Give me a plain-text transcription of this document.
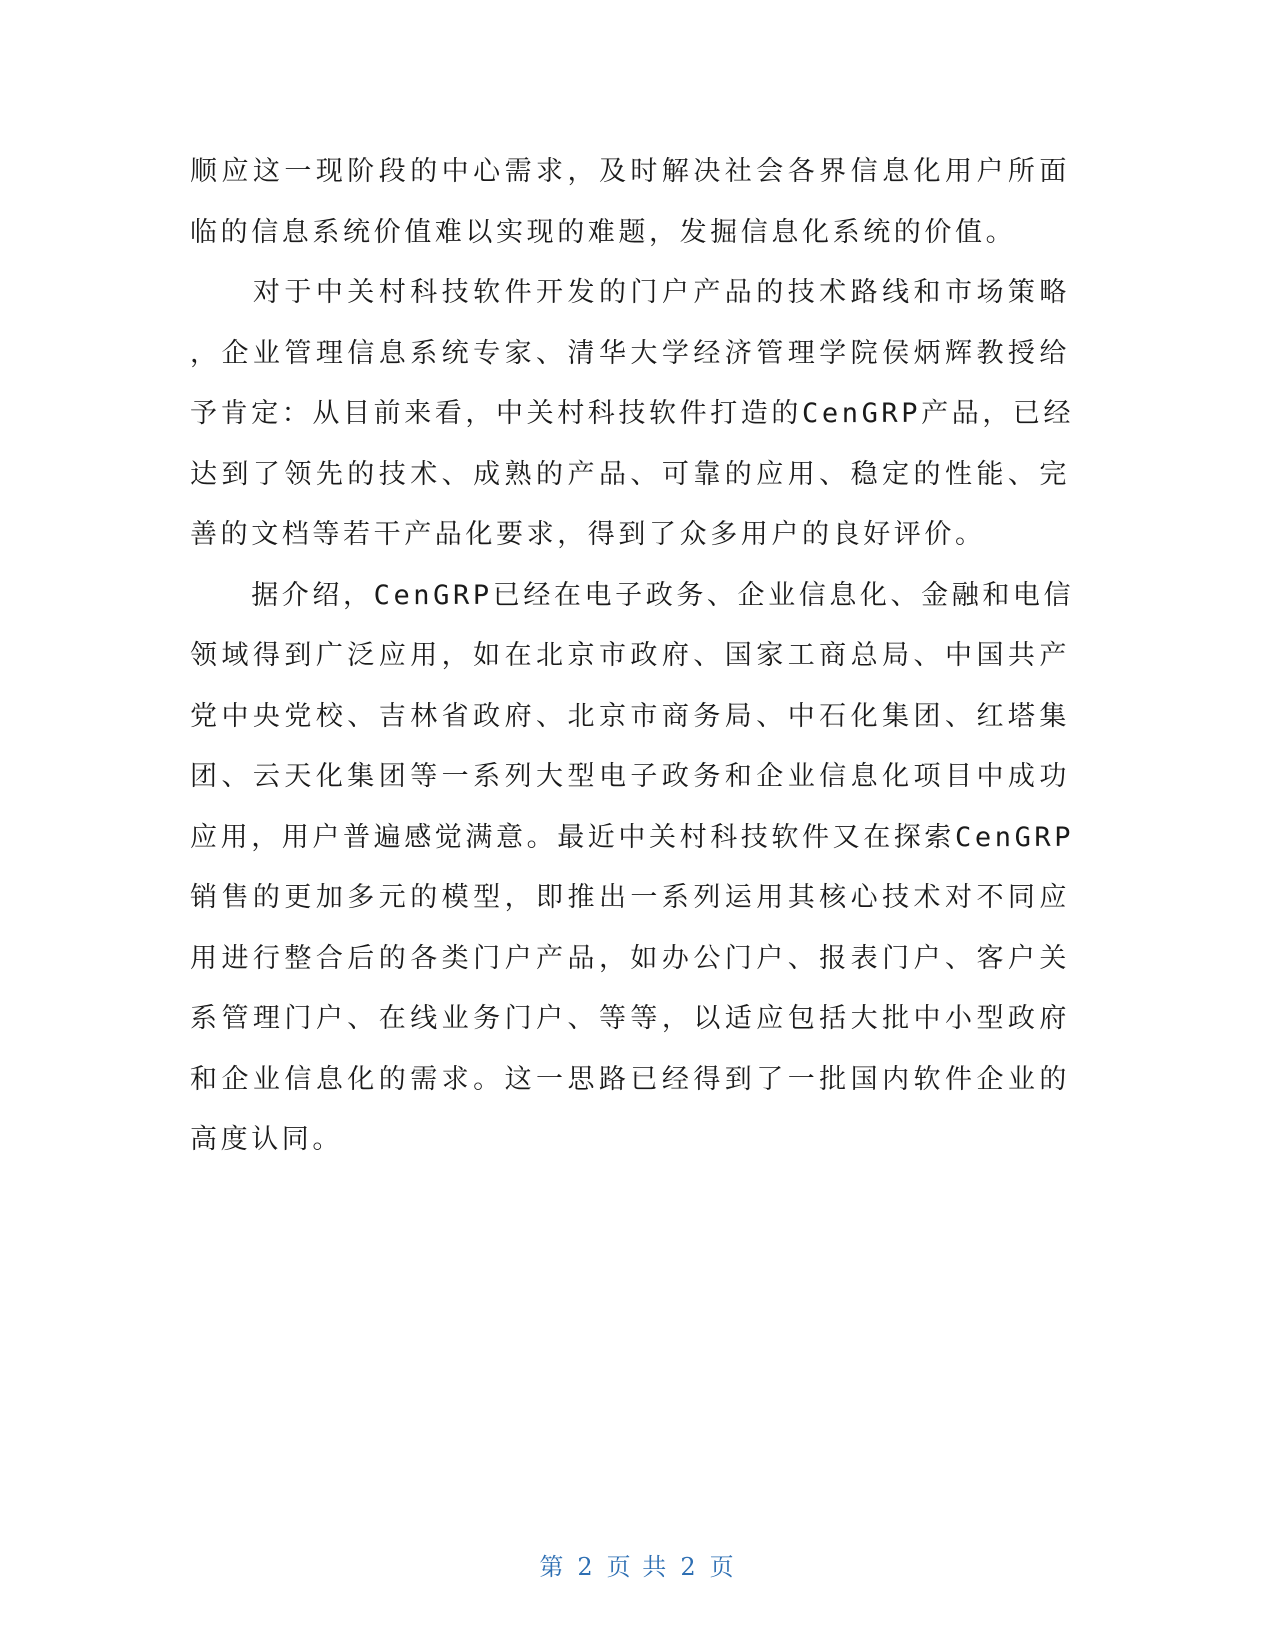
顺应这一现阶段的中心需求，及时解决社会各界信息化用户所面
临的信息系统价值难以实现的难题，发掘信息化系统的价值。
　　对于中关村科技软件开发的门户产品的技术路线和市场策略
，企业管理信息系统专家、清华大学经济管理学院侯炳辉教授给
予肯定：从目前来看，中关村科技软件打造的CenGRP产品，已经
达到了领先的技术、成熟的产品、可靠的应用、稳定的性能、完
善的文档等若干产品化要求，得到了众多用户的良好评价。
　　据介绍，CenGRP已经在电子政务、企业信息化、金融和电信
领域得到广泛应用，如在北京市政府、国家工商总局、中国共产
党中央党校、吉林省政府、北京市商务局、中石化集团、红塔集
团、云天化集团等一系列大型电子政务和企业信息化项目中成功
应用，用户普遍感觉满意。最近中关村科技软件又在探索CenGRP
销售的更加多元的模型，即推出一系列运用其核心技术对不同应
用进行整合后的各类门户产品，如办公门户、报表门户、客户关
系管理门户、在线业务门户、等等，以适应包括大批中小型政府
和企业信息化的需求。这一思路已经得到了一批国内软件企业的
高度认同。
第 2 页 共 2 页
